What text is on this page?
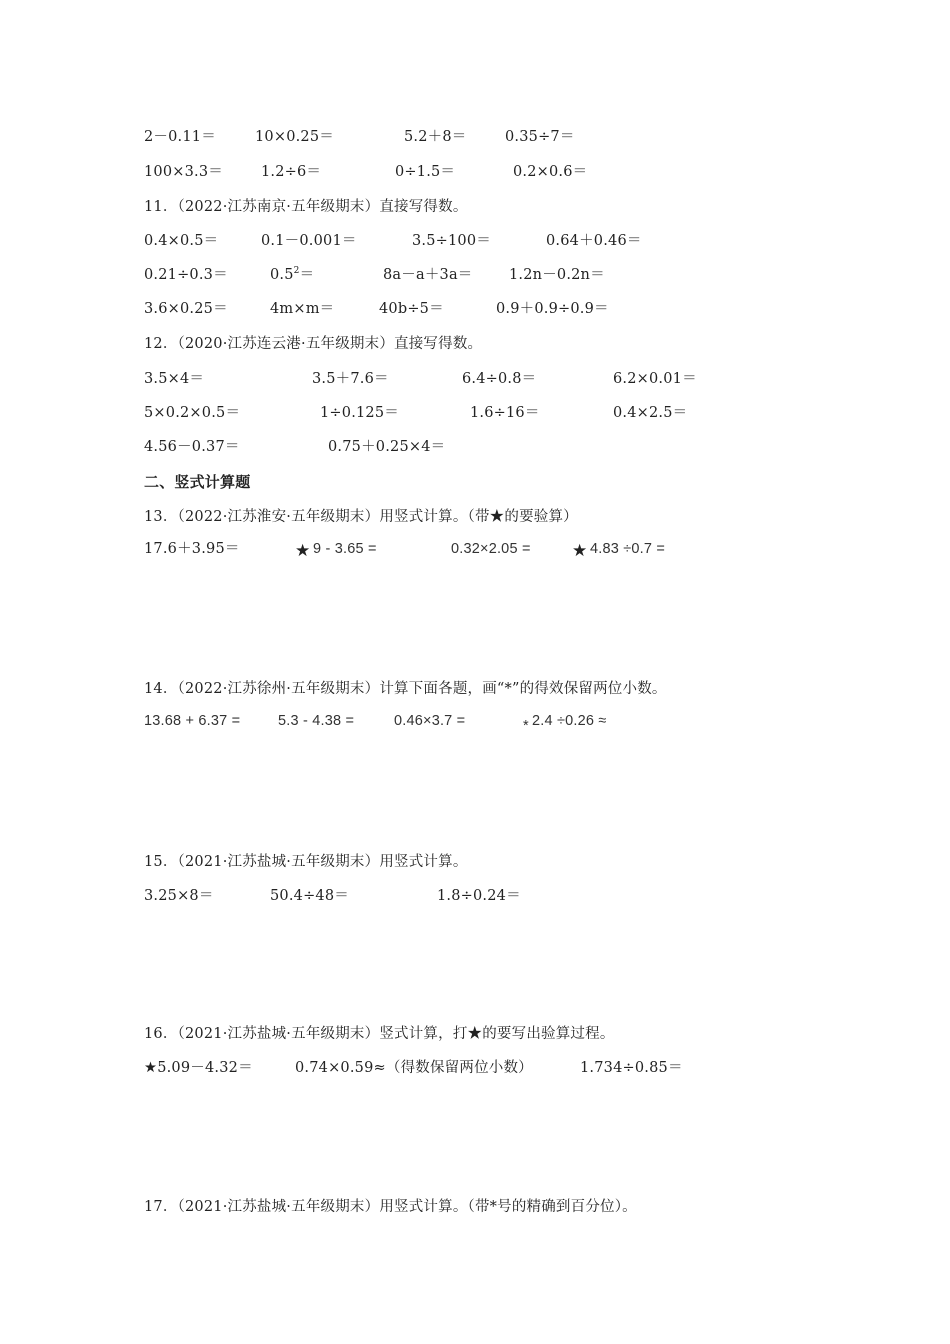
2－0.11＝	10×0.25＝	5.2＋8＝	0.35÷7＝
100×3.3＝	1.2÷6＝	0÷1.5＝	0.2×0.6＝
11．（2022·江苏南京·五年级期末）直接写得数。
0.4×0.5＝	0.1－0.001＝	3.5÷100＝	0.64＋0.46＝
0.21÷0.3＝	$0.5^2=$	8a－a＋3a＝	1.2n－0.2n＝
3.6×0.25＝	4m×m＝	40b÷5＝	0.9＋0.9÷0.9＝
12．（2020·江苏连云港·五年级期末）直接写得数。
3.5×4＝	3.5＋7.6＝	6.4÷0.8＝	6.2×0.01＝
5×0.2×0.5＝	1÷0.125＝	1.6÷16＝	0.4×2.5＝
4.56－0.37＝	0.75＋0.25×4＝
二、竖式计算题
13．（2022·江苏淮安·五年级期末）用竖式计算。（带★的要验算）
17.6＋3.95＝	★ 9 - 3.65 =	0.32×2.05 = ★ 4.83 ÷0.7 =
14．（2022·江苏徐州·五年级期末）计算下面各题，画“*”的得效保留两位小数。
13.68 + 6.37 =	5.3 - 4.38 =	0.46×3.7 =	* 2.4 ÷0.26 ≈
15．（2021·江苏盐城·五年级期末）用竖式计算。
3.25×8＝	50.4÷48＝	1.8÷0.24＝
16．（2021·江苏盐城·五年级期末）竖式计算，打★的要写出验算过程。
★5.09－4.32＝	0.74×0.59≈（得数保留两位小数）	1.734÷0.85＝
17．（2021·江苏盐城·五年级期末）用竖式计算。（带*号的精确到百分位）。
